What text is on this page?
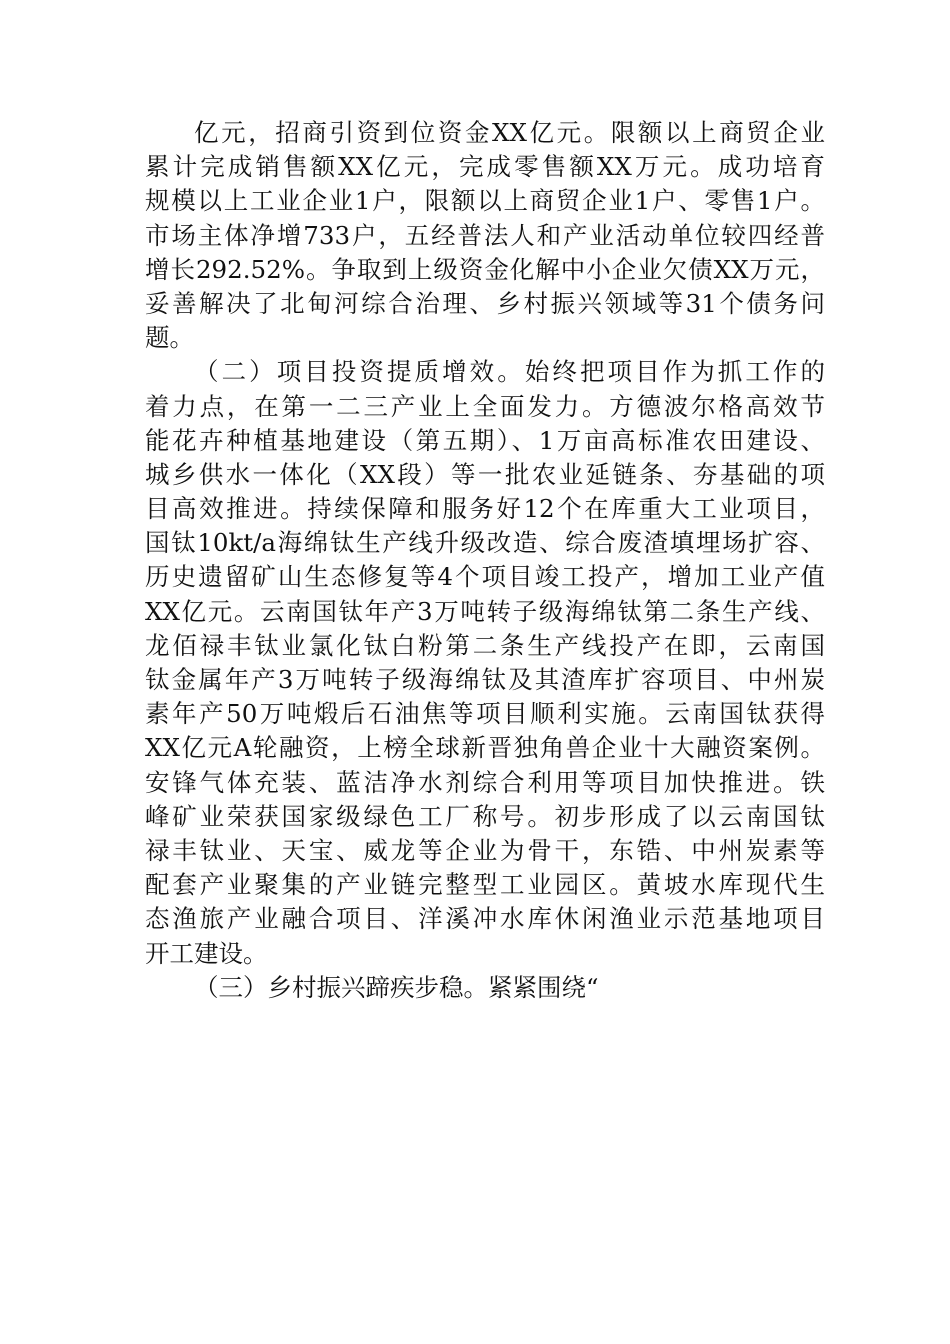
亿元，招商引资到位资金XX亿元。限额以上商贸企业
累计完成销售额XX亿元，完成零售额XX万元。成功培育
规模以上工业企业1户，限额以上商贸企业1户、零售1户。
市场主体净增733户，五经普法人和产业活动单位较四经普
增长292.52%。争取到上级资金化解中小企业欠债XX万元，
妥善解决了北甸河综合治理、乡村振兴领域等31个债务问
题。
（二）项目投资提质增效。始终把项目作为抓工作的
着力点，在第一二三产业上全面发力。方德波尔格高效节
能花卉种植基地建设（第五期）、1万亩高标准农田建设、
城乡供水一体化（XX段）等一批农业延链条、夯基础的项
目高效推进。持续保障和服务好12个在库重大工业项目，
国钛10kt/a海绵钛生产线升级改造、综合废渣填埋场扩容、
历史遗留矿山生态修复等4个项目竣工投产，增加工业产值
XX亿元。云南国钛年产3万吨转子级海绵钛第二条生产线、
龙佰禄丰钛业氯化钛白粉第二条生产线投产在即，云南国
钛金属年产3万吨转子级海绵钛及其渣库扩容项目、中州炭
素年产50万吨煅后石油焦等项目顺利实施。云南国钛获得
XX亿元A轮融资，上榜全球新晋独角兽企业十大融资案例。
安锋气体充装、蓝洁净水剂综合利用等项目加快推进。铁
峰矿业荣获国家级绿色工厂称号。初步形成了以云南国钛
禄丰钛业、天宝、威龙等企业为骨干，东锆、中州炭素等
配套产业聚集的产业链完整型工业园区。黄坡水库现代生
态渔旅产业融合项目、洋溪冲水库休闲渔业示范基地项目
开工建设。
（三）乡村振兴蹄疾步稳。紧紧围绕“
